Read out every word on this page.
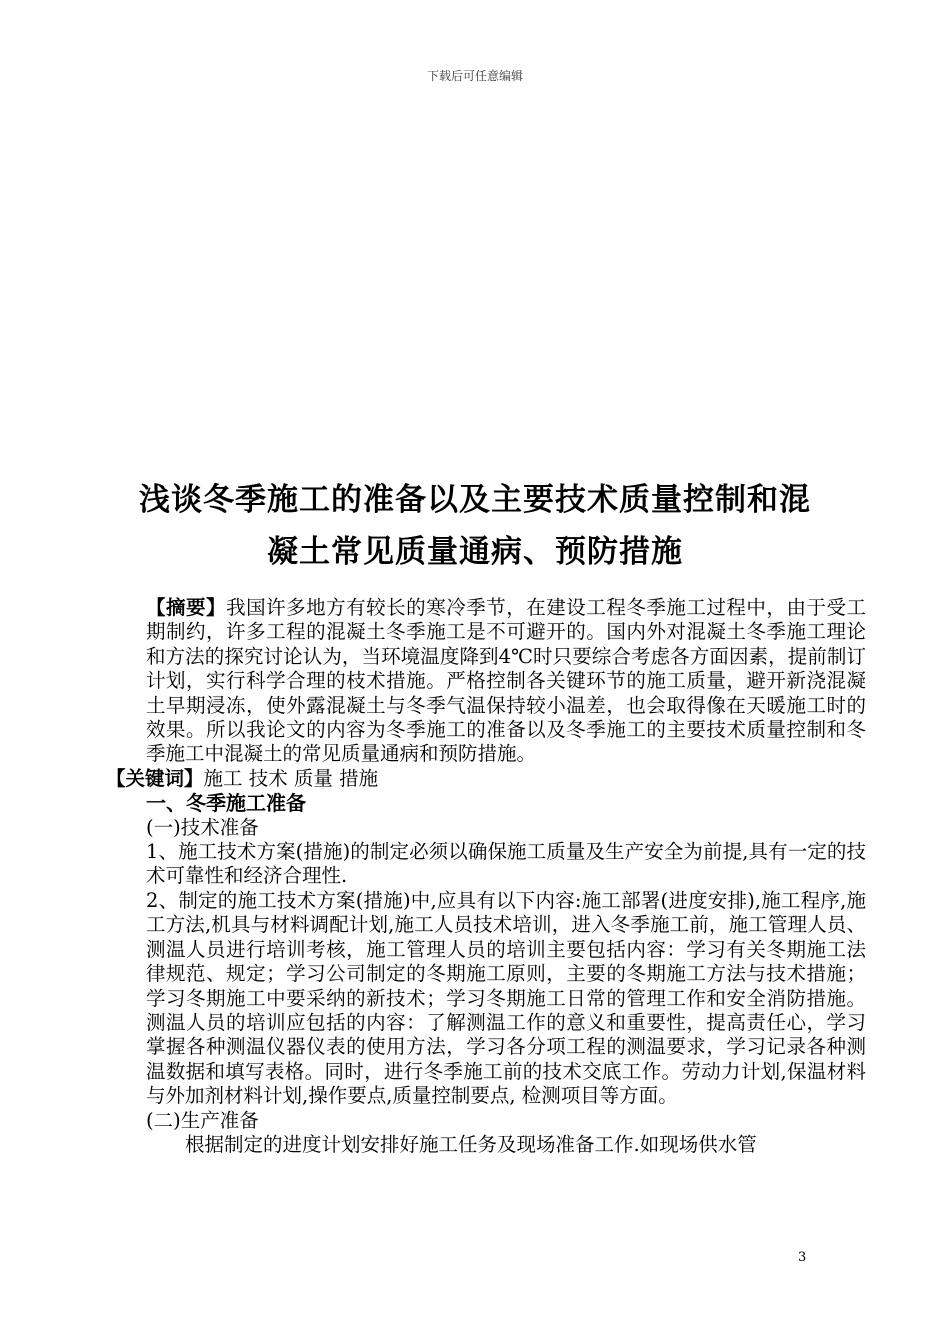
下载后可任意编辑
浅谈冬季施工的准备以及主要技术质量控制和混
凝土常见质量通病、预防措施

【摘要】我国许多地方有较长的寒冷季节，在建设工程冬季施工过程中，由于受工期制约，许多工程的混凝土冬季施工是不可避开的。国内外对混凝土冬季施工理论和方法的探究讨论认为，当环境温度降到4℃时只要综合考虑各方面因素，提前制订计划，实行科学合理的枝术措施。严格控制各关键环节的施工质量，避开新浇混凝土早期浸冻，使外露混凝土与冬季气温保持较小温差，也会取得像在天暖施工时的效果。所以我论文的内容为冬季施工的准备以及冬季施工的主要技术质量控制和冬季施工中混凝土的常见质量通病和预防措施。

【关键词】施工 技术 质量 措施

一、冬季施工准备

(一)技术准备

1、施工技术方案(措施)的制定必须以确保施工质量及生产安全为前提,具有一定的技术可靠性和经济合理性.

2、制定的施工技术方案(措施)中,应具有以下内容:施工部署(进度安排),施工程序,施工方法,机具与材料调配计划,施工人员技术培训，进入冬季施工前，施工管理人员、测温人员进行培训考核，施工管理人员的培训主要包括内容：学习有关冬期施工法律规范、规定；学习公司制定的冬期施工原则，主要的冬期施工方法与技术措施；学习冬期施工中要采纳的新技术；学习冬期施工日常的管理工作和安全消防措施。测温人员的培训应包括的内容：了解测温工作的意义和重要性，提高责任心，学习掌握各种测温仪器仪表的使用方法，学习各分项工程的测温要求，学习记录各种测温数据和填写表格。同时，进行冬季施工前的技术交底工作。劳动力计划,保温材料与外加剂材料计划,操作要点,质量控制要点, 检测项目等方面。

(二)生产准备

根据制定的进度计划安排好施工任务及现场准备工作.如现场供水管

3
